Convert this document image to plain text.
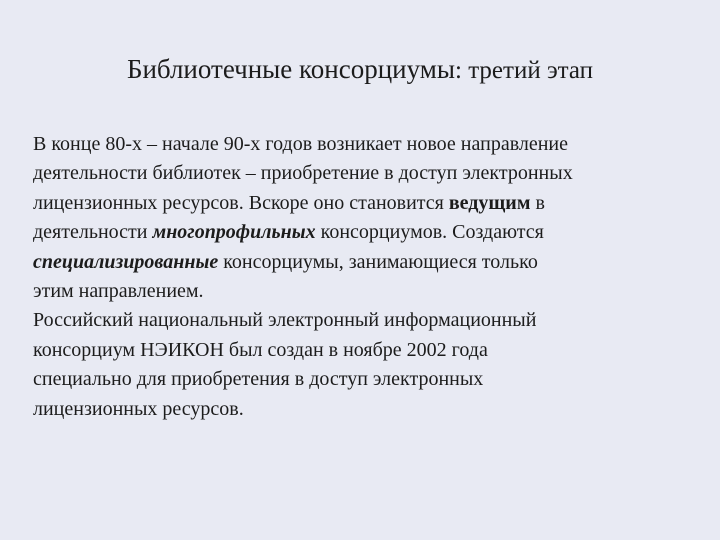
Библиотечные консорциумы: третий этап
В конце 80-х – начале 90-х годов возникает новое направление
деятельности библиотек – приобретение в доступ электронных
лицензионных ресурсов. Вскоре оно становится ведущим в
деятельности многопрофильных консорциумов. Создаются
специализированные консорциумы, занимающиеся только
этим направлением.
Российский национальный электронный информационный
консорциум НЭИКОН был создан в ноябре 2002 года
специально для приобретения в доступ электронных
лицензионных ресурсов.
